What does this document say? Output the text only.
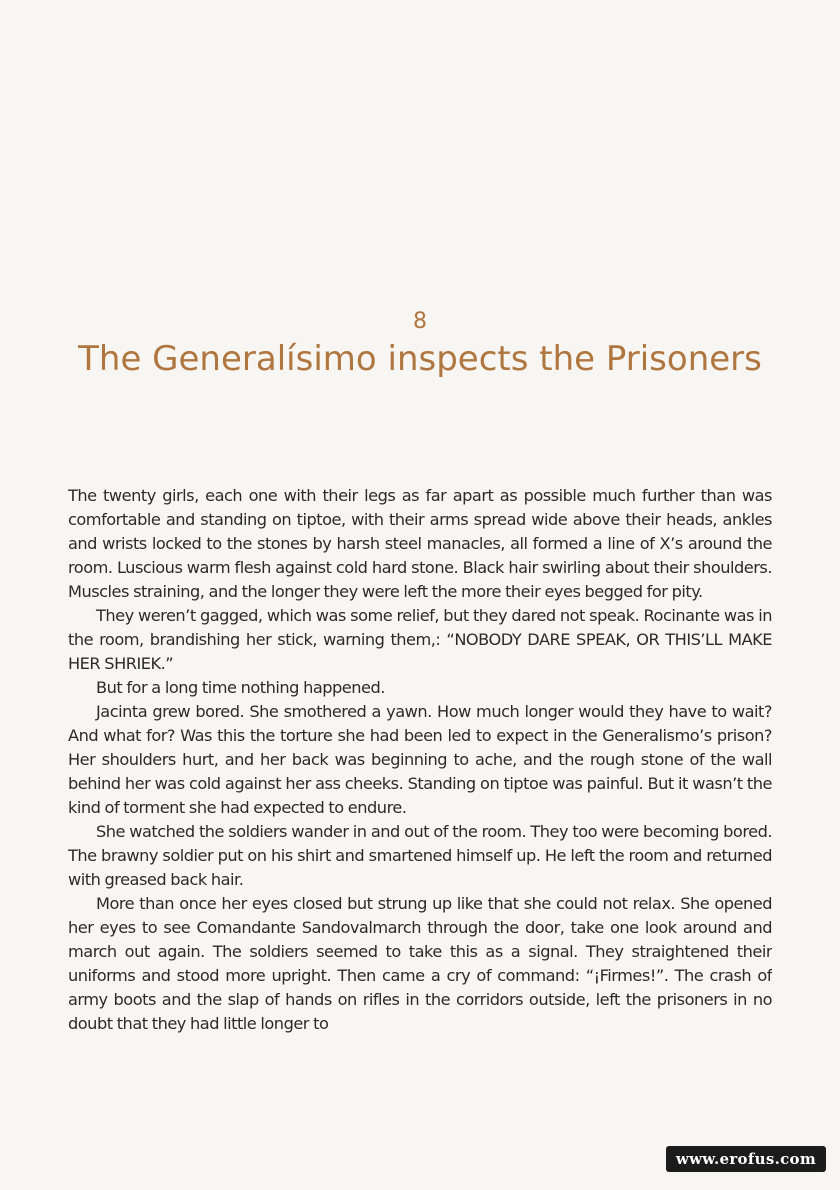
8
The Generalísimo inspects the Prisoners

The twenty girls, each one with their legs as far apart as possible much further than was comfortable and standing on tiptoe, with their arms spread wide above their heads, ankles and wrists locked to the stones by harsh steel manacles, all formed a line of X’s around the room. Luscious warm flesh against cold hard stone. Black hair swirling about their shoulders. Muscles straining, and the longer they were left the more their eyes begged for pity.

They weren’t gagged, which was some relief, but they dared not speak. Rocinante was in the room, brandishing her stick, warning them,: “NOBODY DARE SPEAK, OR THIS’LL MAKE HER SHRIEK.”

But for a long time nothing happened.

Jacinta grew bored. She smothered a yawn. How much longer would they have to wait? And what for? Was this the torture she had been led to expect in the Generalismo’s prison? Her shoulders hurt, and her back was beginning to ache, and the rough stone of the wall behind her was cold against her ass cheeks. Standing on tiptoe was painful. But it wasn’t the kind of torment she had expected to endure.

She watched the soldiers wander in and out of the room. They too were becoming bored. The brawny soldier put on his shirt and smartened himself up. He left the room and returned with greased back hair.

More than once her eyes closed but strung up like that she could not relax. She opened her eyes to see Comandante Sandovalmarch through the door, take one look around and march out again. The soldiers seemed to take this as a signal. They straightened their uniforms and stood more upright. Then came a cry of command: “¡Firmes!”. The crash of army boots and the slap of hands on rifles in the corridors outside, left the prisoners in no doubt that they had little longer to

www.erofus.com
